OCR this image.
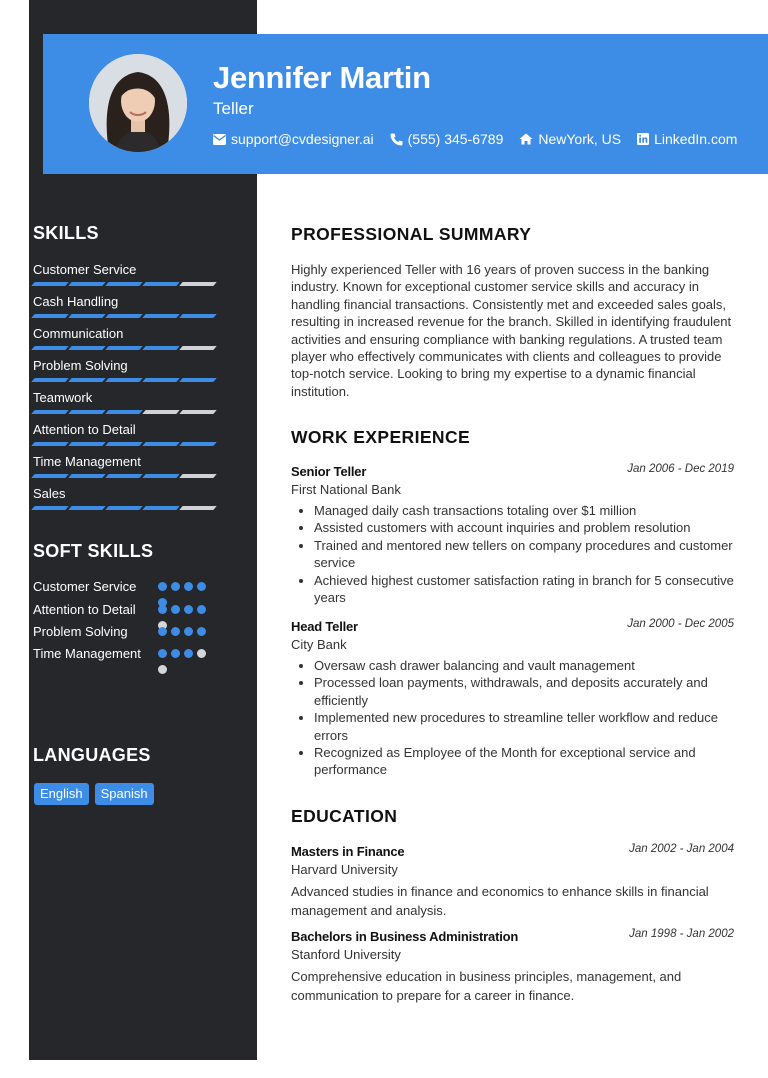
Jennifer Martin
Teller
support@cvdesigner.ai (555) 345-6789	NewYork, US LinkedIn.com
SKILLS
Customer Service
Cash Handling
Communication
Problem Solving
Teamwork
Attention to Detail
Time Management
Sales
SOFT SKILLS
Customer Service
Attention to Detail
Problem Solving
Time Management
LANGUAGES
English	Spanish
PROFESSIONAL SUMMARY
Highly experienced Teller with 16 years of proven success in the banking industry. Known for exceptional customer service skills and accuracy in handling financial transactions. Consistently met and exceeded sales goals, resulting in increased revenue for the branch. Skilled in identifying fraudulent activities and ensuring compliance with banking regulations. A trusted team player who effectively communicates with clients and colleagues to provide top-notch service. Looking to bring my expertise to a dynamic financial institution.
WORK EXPERIENCE
Senior Teller	Jan 2006 - Dec 2019
First National Bank
• Managed daily cash transactions totaling over $1 million
• Assisted customers with account inquiries and problem resolution
• Trained and mentored new tellers on company procedures and customer service
• Achieved highest customer satisfaction rating in branch for 5 consecutive years
Head Teller	Jan 2000 - Dec 2005
City Bank
• Oversaw cash drawer balancing and vault management
• Processed loan payments, withdrawals, and deposits accurately and efficiently
• Implemented new procedures to streamline teller workflow and reduce errors
• Recognized as Employee of the Month for exceptional service and performance
EDUCATION
Masters in Finance	Jan 2002 - Jan 2004
Harvard University
Advanced studies in finance and economics to enhance skills in financial management and analysis.
Bachelors in Business Administration	Jan 1998 - Jan 2002
Stanford University
Comprehensive education in business principles, management, and communication to prepare for a career in finance.
